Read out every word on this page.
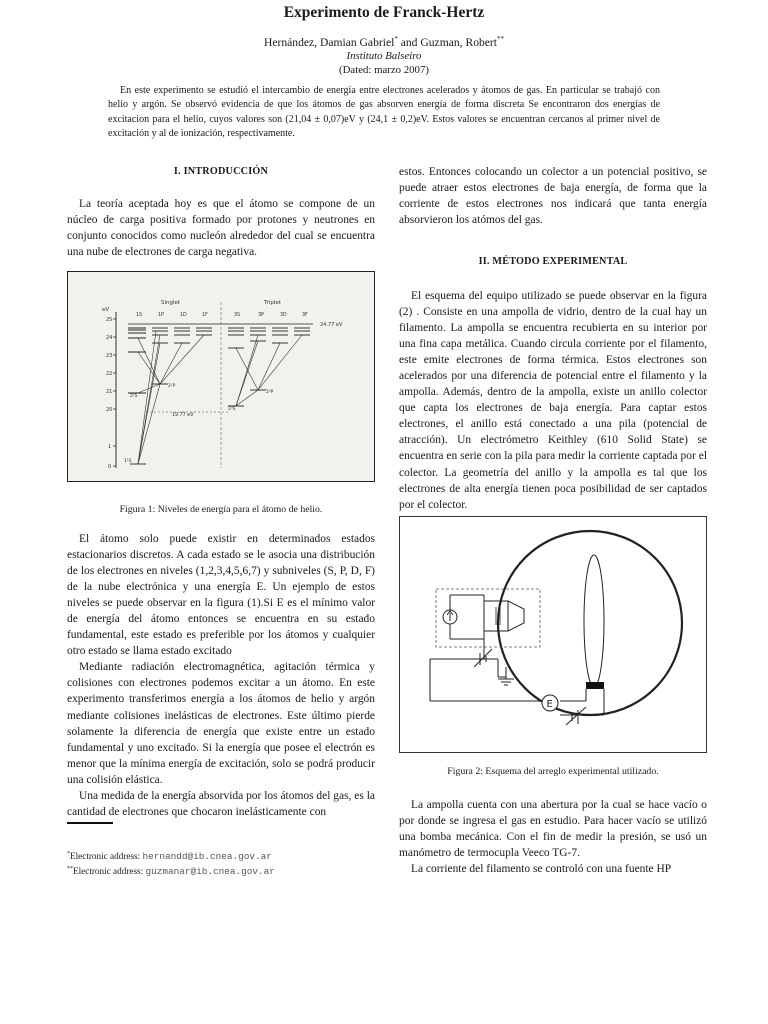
Experimento de Franck-Hertz
Hernández, Damian Gabriel* and Guzman, Robert**
Instituto Balseiro
(Dated: marzo 2007)
En este experimento se estudió el intercambio de energía entre electrones acelerados y átomos de gas. En particular se trabajó con helio y argón. Se observó evidencia de que los átomos de gas absorven energía de forma discreta Se encontraron dos energías de excitacion para el helio, cuyos valores son (21,04 ± 0,07)eV y (24,1 ± 0,2)eV. Estos valores se encuentran cercanos al primer nivel de excitación y al de ionización, respectivamente.
I. INTRODUCCIÓN

La teoría aceptada hoy es que el átomo se compone de un núcleo de carga positiva formado por protones y neutrones en conjunto conocidos como nucleón alrededor del cual se encuentra una nube de electrones de carga negativa.

eV
25
24
23
22
21
20
1
0
Singlet	Triplet
1S	1P	1D	1F	3S	3P	3D	3F
24.77 eV
19.77 eV
1¹S
2¹S
2¹P
2³S
2³P
Figura 1: Niveles de energía para el átomo de helio.

El átomo solo puede existir en determinados estados estacionarios discretos. A cada estado se le asocia una distribución de los electrones en niveles (1,2,3,4,5,6,7) y subniveles (S, P, D, F) de la nube electrónica y una energía E. Un ejemplo de estos niveles se puede observar en la figura (1).Si E es el mínimo valor de energía del átomo entonces se encuentra en su estado fundamental, este estado es preferible por los átomos y cualquier otro estado se llama estado excitado

Mediante radiación electromagnética, agitación térmica y colisiones con electrones podemos excitar a un átomo. En este experimento transferimos energía a los átomos de helio y argón mediante colisiones inelásticas de electrones. Este último pierde solamente la diferencia de energía que existe entre un estado fundamental y uno excitado. Si la energía que posee el electrón es menor que la mínima energía de excitación, solo se podrá producir una colisión elástica.

Una medida de la energía absorvida por los átomos del gas, es la cantidad de electrones que chocaron inelásticamente con

*Electronic address: hernandd@ib.cnea.gov.ar
**Electronic address: guzmanar@ib.cnea.gov.ar

estos. Entonces colocando un colector a un potencial positivo, se puede atraer estos electrones de baja energía, de forma que la corriente de estos electrones nos indicará que tanta energía absorvieron los atómos del gas.

II. MÉTODO EXPERIMENTAL

El esquema del equipo utilizado se puede observar en la figura (2) . Consiste en una ampolla de vidrio, dentro de la cual hay un filamento. La ampolla se encuentra recubierta en su interior por una fina capa metálica. Cuando circula corriente por el filamento, este emite electrones de forma térmica. Estos electrones son acelerados por una diferencia de potencial entre el filamento y la ampolla. Además, dentro de la ampolla, existe un anillo colector que capta los electrones de baja energía. Para captar estos electrones, el anillo está conectado a una pila (potencial de atracción). Un electrómetro Keithley (610 Solid State) se encuentra en serie con la pila para medir la corriente captada por el colector. La geometría del anillo y la ampolla es tal que los electrones de alta energía tienen poca posibilidad de ser captados por el colector.

E
Figura 2: Esquema del arreglo experimental utilizado.

La ampolla cuenta con una abertura por la cual se hace vacío o por donde se ingresa el gas en estudio. Para hacer vacío se utilizó una bomba mecánica. Con el fin de medir la presión, se usó un manómetro de termocupla Veeco TG-7.

La corriente del filamento se controló con una fuente HP
